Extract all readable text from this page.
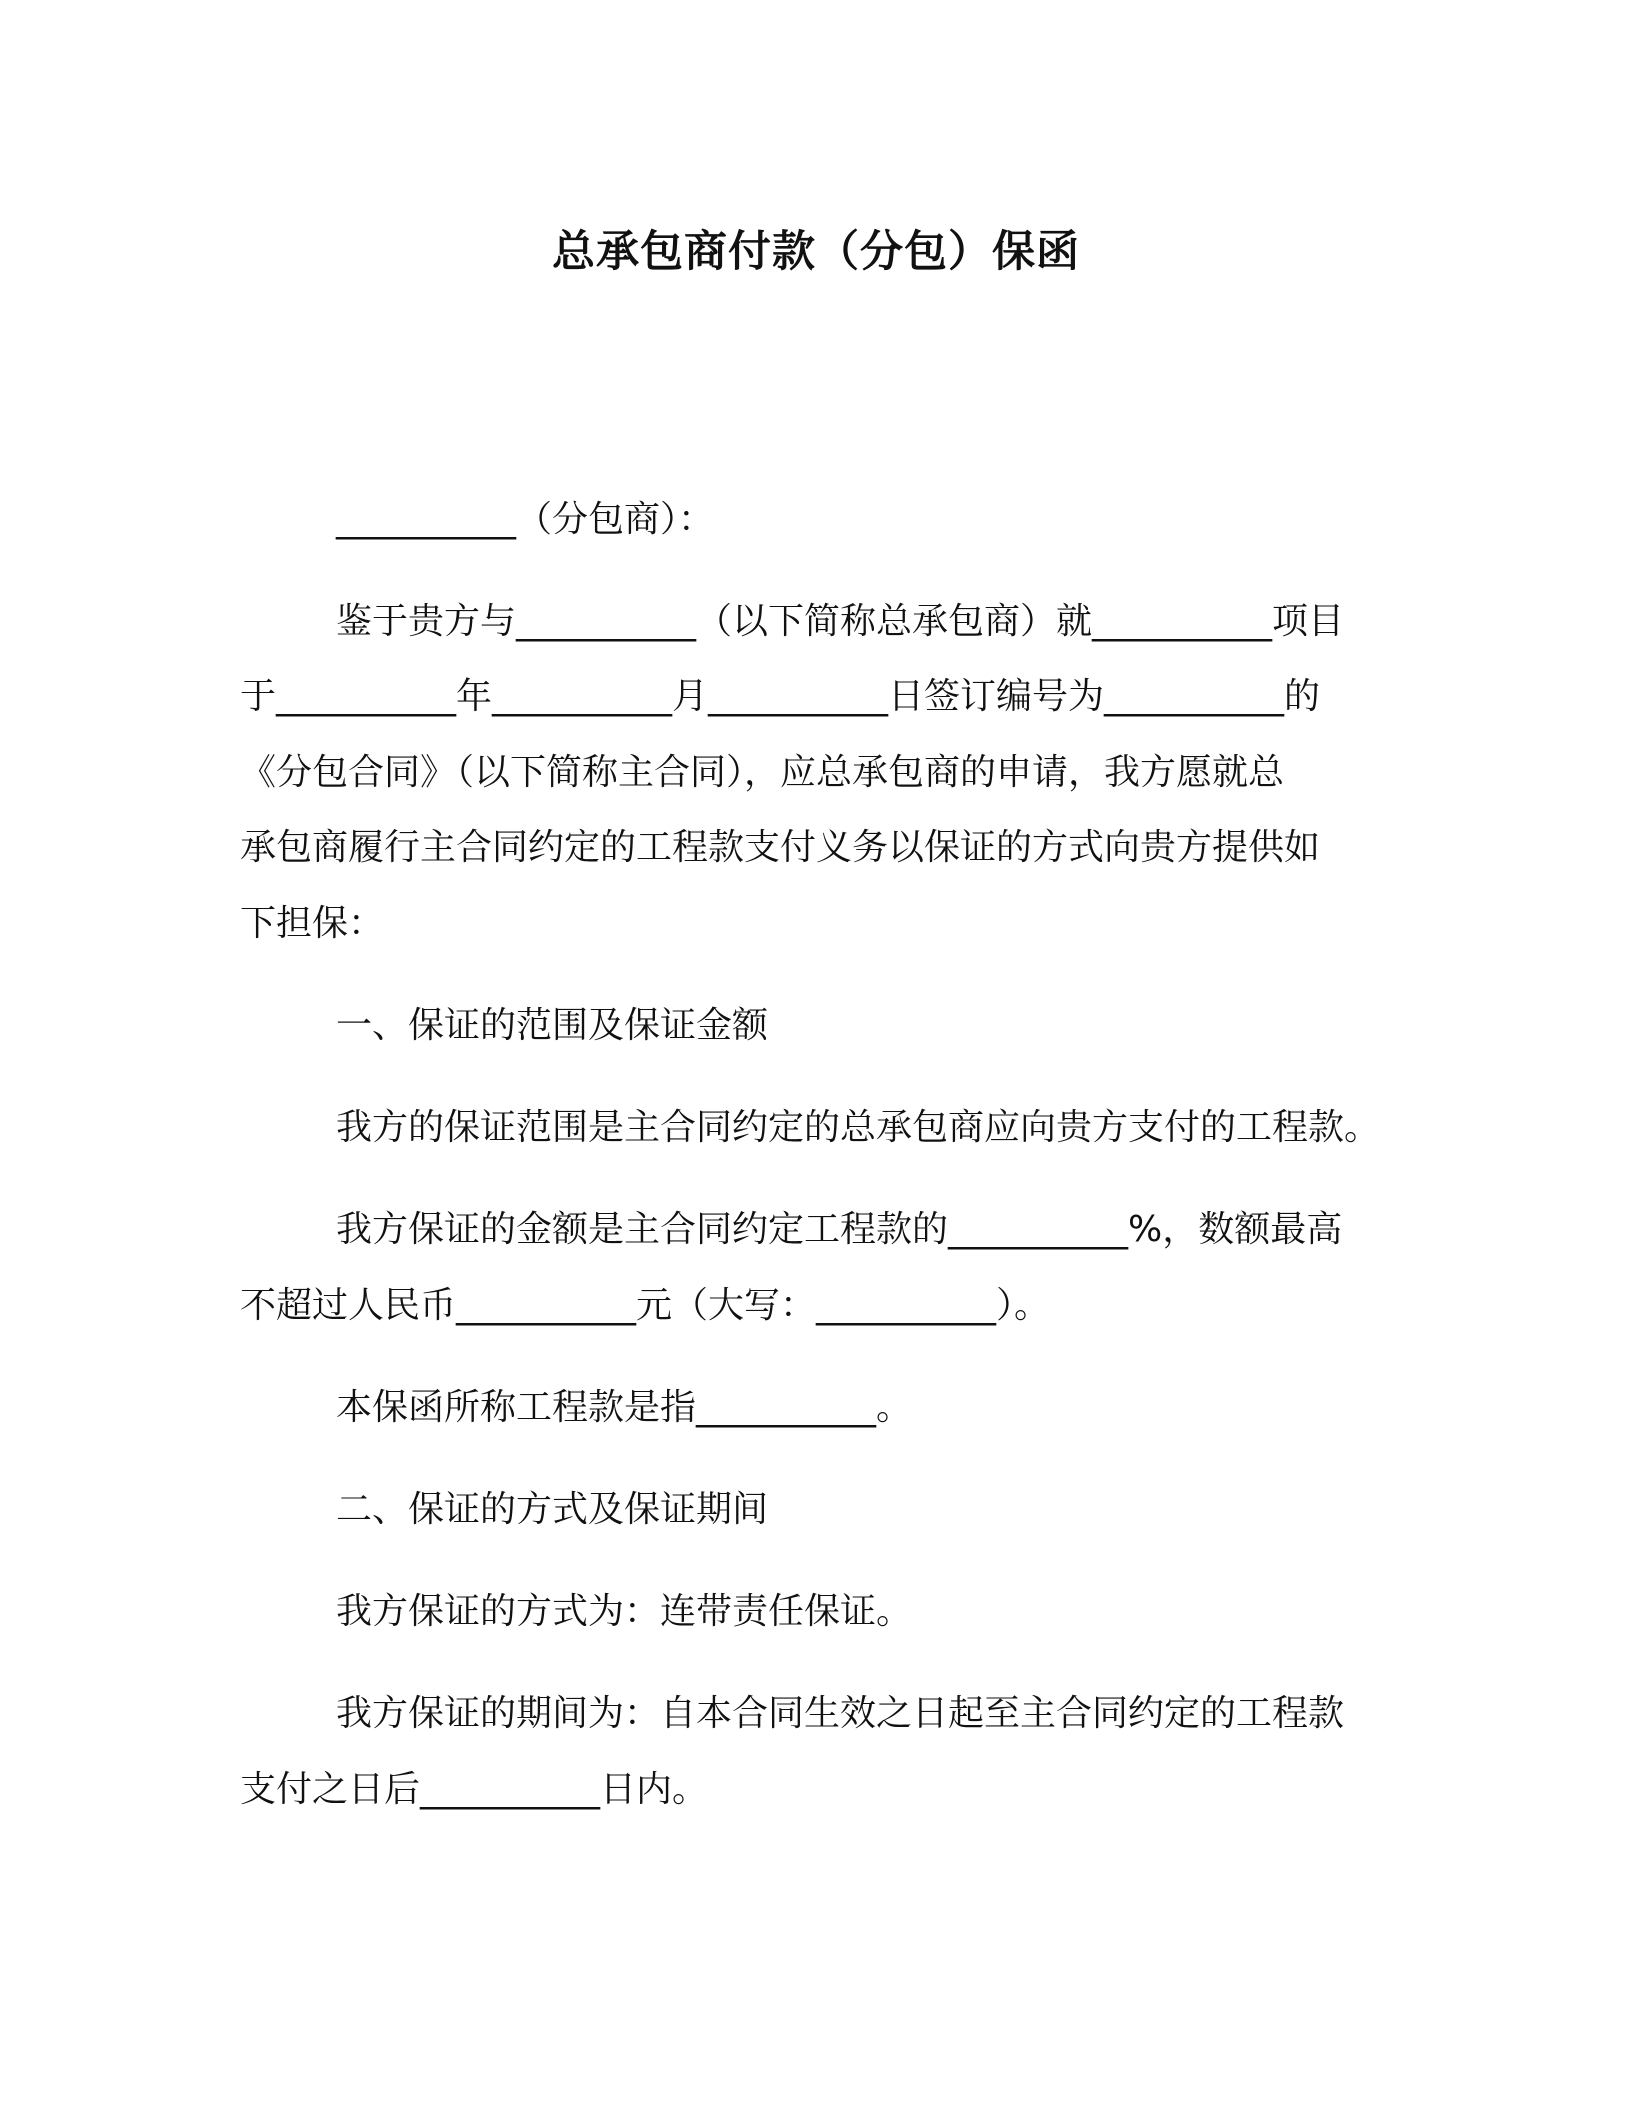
总承包商付款（分包）保函
__________（分包商）：
鉴于贵方与__________（以下简称总承包商）就__________项目
于__________年__________月__________日签订编号为__________的
《分包合同》（以下简称主合同），应总承包商的申请，我方愿就总
承包商履行主合同约定的工程款支付义务以保证的方式向贵方提供如
下担保：
一、保证的范围及保证金额
我方的保证范围是主合同约定的总承包商应向贵方支付的工程款。
我方保证的金额是主合同约定工程款的__________%，数额最高
不超过人民币__________元（大写：__________）。
本保函所称工程款是指__________。
二、保证的方式及保证期间
我方保证的方式为：连带责任保证。
我方保证的期间为：自本合同生效之日起至主合同约定的工程款
支付之日后__________日内。
